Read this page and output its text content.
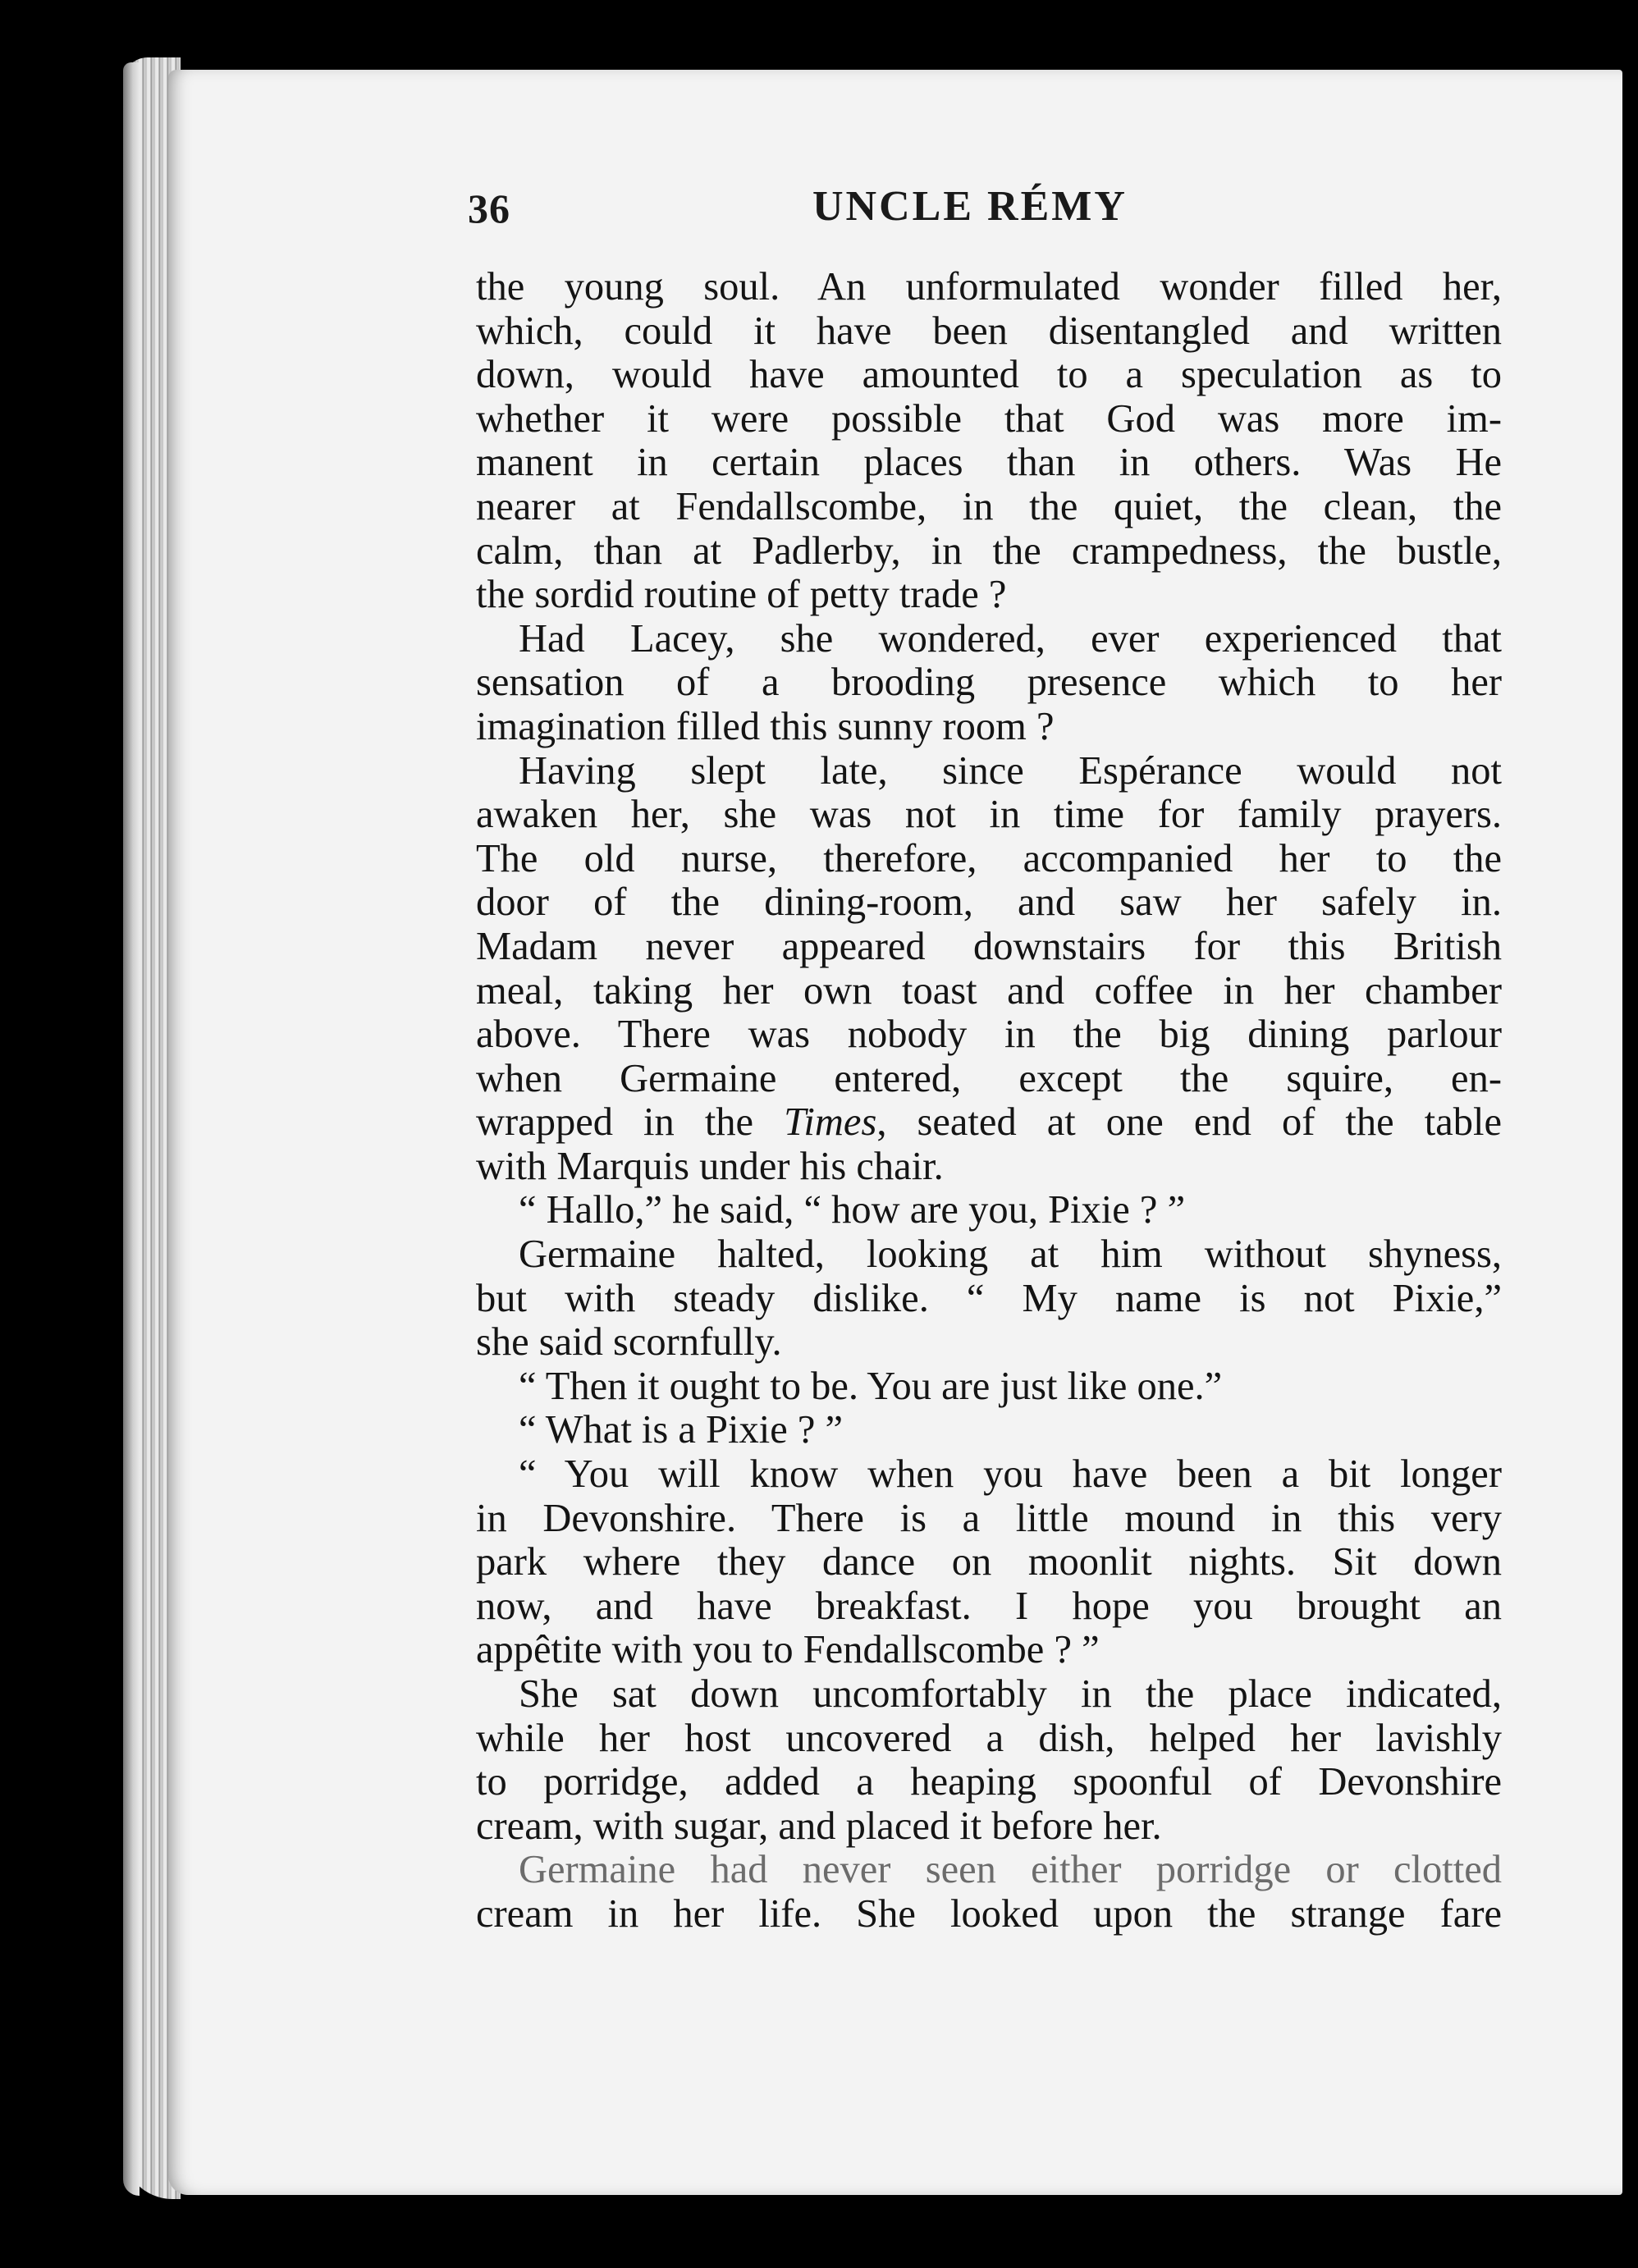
36	UNCLE RÉMY
the young soul. An unformulated wonder filled her,
which, could it have been disentangled and written
down, would have amounted to a speculation as to
whether it were possible that God was more im-
manent in certain places than in others. Was He
nearer at Fendallscombe, in the quiet, the clean, the
calm, than at Padlerby, in the crampedness, the bustle,
the sordid routine of petty trade ?
Had Lacey, she wondered, ever experienced that
sensation of a brooding presence which to her
imagination filled this sunny room ?
Having slept late, since Espérance would not
awaken her, she was not in time for family prayers.
The old nurse, therefore, accompanied her to the
door of the dining-room, and saw her safely in.
Madam never appeared downstairs for this British
meal, taking her own toast and coffee in her chamber
above. There was nobody in the big dining parlour
when Germaine entered, except the squire, en-
wrapped in the Times, seated at one end of the table
with Marquis under his chair.
“ Hallo,” he said, “ how are you, Pixie ? ”
Germaine halted, looking at him without shyness,
but with steady dislike. “ My name is not Pixie,”
she said scornfully.
“ Then it ought to be. You are just like one.”
“ What is a Pixie ? ”
“ You will know when you have been a bit longer
in Devonshire. There is a little mound in this very
park where they dance on moonlit nights. Sit down
now, and have breakfast. I hope you brought an
appêtite with you to Fendallscombe ? ”
She sat down uncomfortably in the place indicated,
while her host uncovered a dish, helped her lavishly
to porridge, added a heaping spoonful of Devonshire
cream, with sugar, and placed it before her.
Germaine had never seen either porridge or clotted
cream in her life. She looked upon the strange fare
